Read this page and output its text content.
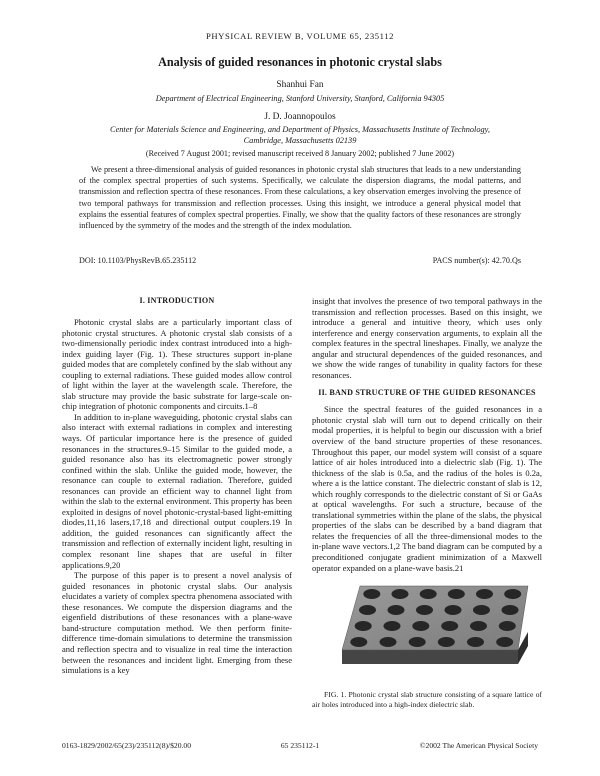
PHYSICAL REVIEW B, VOLUME 65, 235112
Analysis of guided resonances in photonic crystal slabs
Shanhui Fan
Department of Electrical Engineering, Stanford University, Stanford, California 94305
J. D. Joannopoulos
Center for Materials Science and Engineering, and Department of Physics, Massachusetts Institute of Technology,
Cambridge, Massachusetts 02139
(Received 7 August 2001; revised manuscript received 8 January 2002; published 7 June 2002)

We present a three-dimensional analysis of guided resonances in photonic crystal slab structures that leads to a new understanding of the complex spectral properties of such systems. Specifically, we calculate the dispersion diagrams, the modal patterns, and transmission and reflection spectra of these resonances. From these calculations, a key observation emerges involving the presence of two temporal pathways for transmission and reflection processes. Using this insight, we introduce a general physical model that explains the essential features of complex spectral properties. Finally, we show that the quality factors of these resonances are strongly influenced by the symmetry of the modes and the strength of the index modulation.

DOI: 10.1103/PhysRevB.65.235112	PACS number(s): 42.70.Qs
I. INTRODUCTION

Photonic crystal slabs are a particularly important class of photonic crystal structures. A photonic crystal slab consists of a two-dimensionally periodic index contrast introduced into a high-index guiding layer (Fig. 1). These structures support in-plane guided modes that are completely confined by the slab without any coupling to external radiations. These guided modes allow control of light within the layer at the wavelength scale. Therefore, the slab structure may provide the basic substrate for large-scale on-chip integration of photonic components and circuits.1–8

In addition to in-plane waveguiding, photonic crystal slabs can also interact with external radiations in complex and interesting ways. Of particular importance here is the presence of guided resonances in the structures.9–15 Similar to the guided mode, a guided resonance also has its electromagnetic power strongly confined within the slab. Unlike the guided mode, however, the resonance can couple to external radiation. Therefore, guided resonances can provide an efficient way to channel light from within the slab to the external environment. This property has been exploited in designs of novel photonic-crystal-based light-emitting diodes,11,16 lasers,17,18 and directional output couplers.19 In addition, the guided resonances can significantly affect the transmission and reflection of externally incident light, resulting in complex resonant line shapes that are useful in filter applications.9,20

The purpose of this paper is to present a novel analysis of guided resonances in photonic crystal slabs. Our analysis elucidates a variety of complex spectra phenomena associated with these resonances. We compute the dispersion diagrams and the eigenfield distributions of these resonances with a plane-wave band-structure computation method. We then perform finite-difference time-domain simulations to determine the transmission and reflection spectra and to visualize in real time the interaction between the resonances and incident light. Emerging from these simulations is a key

insight that involves the presence of two temporal pathways in the transmission and reflection processes. Based on this insight, we introduce a general and intuitive theory, which uses only interference and energy conservation arguments, to explain all the complex features in the spectral lineshapes. Finally, we analyze the angular and structural dependences of the guided resonances, and we show the wide ranges of tunability in quality factors for these resonances.

II. BAND STRUCTURE OF THE GUIDED RESONANCES

Since the spectral features of the guided resonances in a photonic crystal slab will turn out to depend critically on their modal properties, it is helpful to begin our discussion with a brief overview of the band structure properties of these resonances. Throughout this paper, our model system will consist of a square lattice of air holes introduced into a dielectric slab (Fig. 1). The thickness of the slab is 0.5a, and the radius of the holes is 0.2a, where a is the lattice constant. The dielectric constant of slab is 12, which roughly corresponds to the dielectric constant of Si or GaAs at optical wavelengths. For such a structure, because of the translational symmetries within the plane of the slabs, the physical properties of the slabs can be described by a band diagram that relates the frequencies of all the three-dimensional modes to the in-plane wave vectors.1,2 The band diagram can be computed by a preconditioned conjugate gradient minimization of a Maxwell operator expanded on a plane-wave basis.21

FIG. 1. Photonic crystal slab structure consisting of a square lattice of air holes introduced into a high-index dielectric slab.

0163-1829/2002/65(23)/235112(8)/$20.00	65 235112-1	©2002 The American Physical Society
